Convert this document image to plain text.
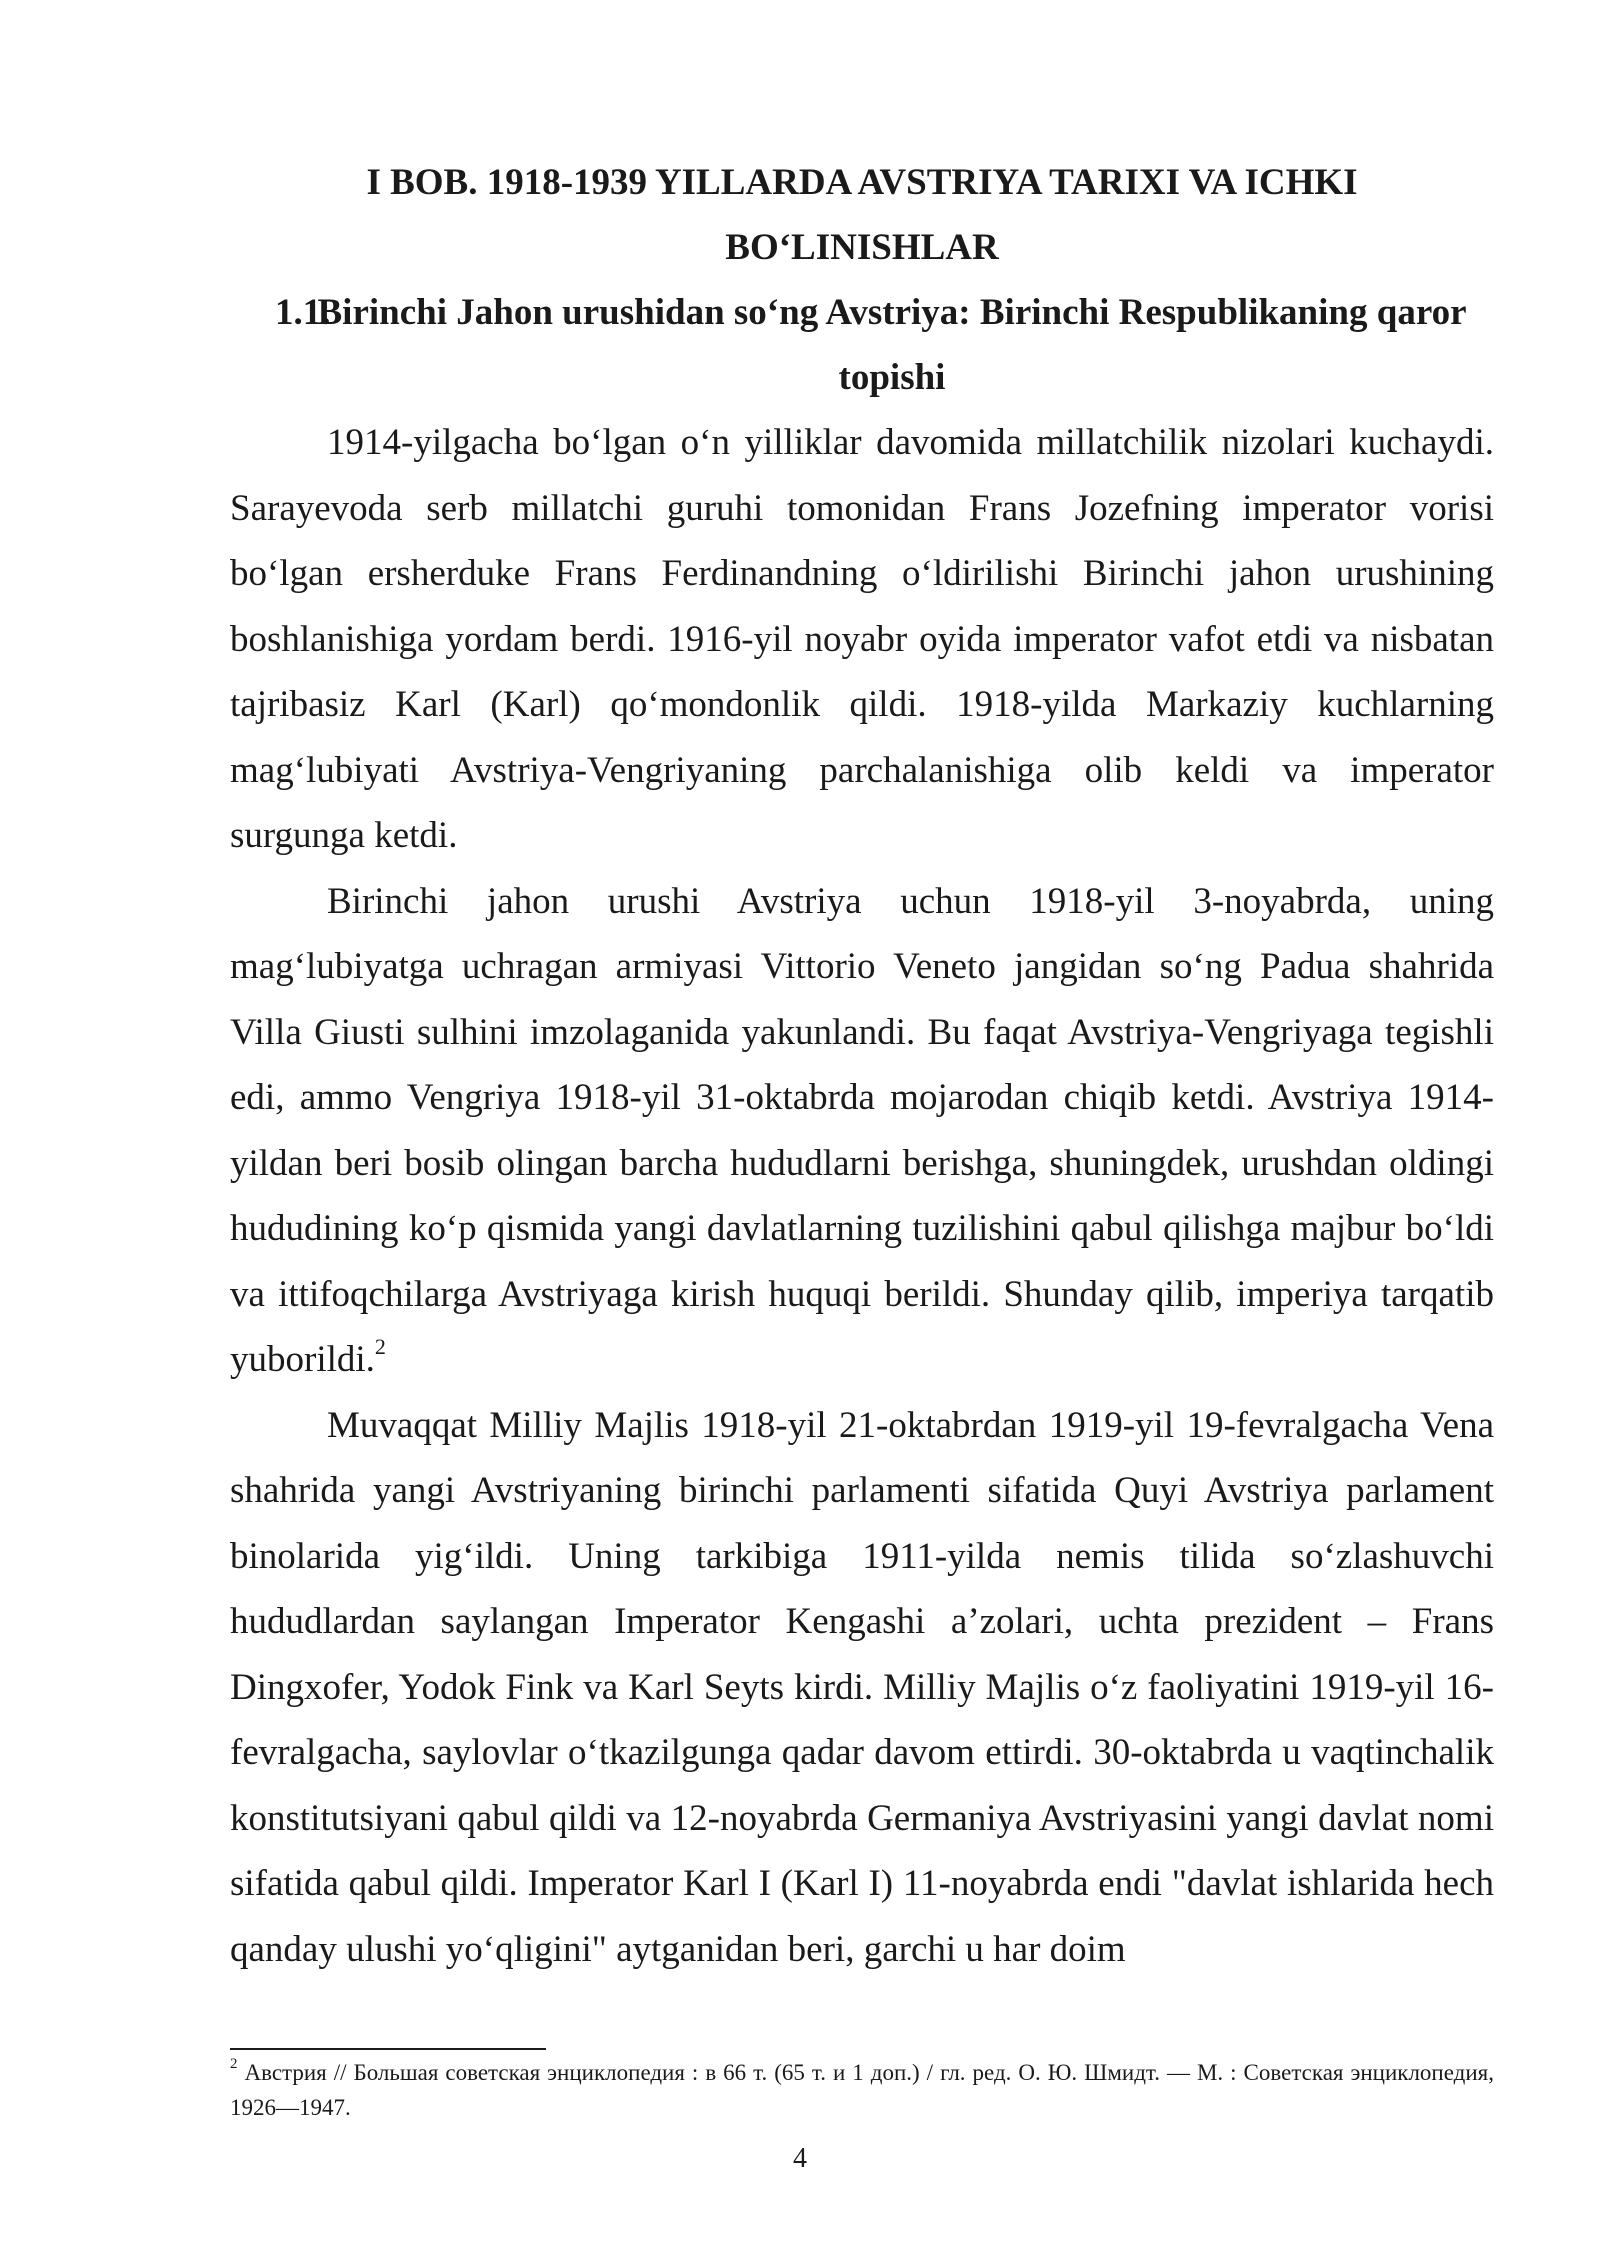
I BOB. 1918-1939 YILLARDA AVSTRIYA TARIXI VA ICHKI BO‘LINISHLAR
1.1.
Birinchi Jahon urushidan so‘ng Avstriya: Birinchi Respublikaning qaror topishi

1914-yilgacha bo‘lgan o‘n yilliklar davomida millatchilik nizolari kuchaydi. Sarayevoda serb millatchi guruhi tomonidan Frans Jozefning imperator vorisi bo‘lgan ersherduke Frans Ferdinandning o‘ldirilishi Birinchi jahon urushining boshlanishiga yordam berdi. 1916-yil noyabr oyida imperator vafot etdi va nisbatan tajribasiz Karl (Karl) qo‘mondonlik qildi. 1918-yilda Markaziy kuchlarning mag‘lubiyati Avstriya-Vengriyaning parchalanishiga olib keldi va imperator surgunga ketdi.

Birinchi jahon urushi Avstriya uchun 1918-yil 3-noyabrda, uning mag‘lubiyatga uchragan armiyasi Vittorio Veneto jangidan so‘ng Padua shahrida Villa Giusti sulhini imzolaganida yakunlandi. Bu faqat Avstriya-Vengriyaga tegishli edi, ammo Vengriya 1918-yil 31-oktabrda mojarodan chiqib ketdi. Avstriya 1914-yildan beri bosib olingan barcha hududlarni berishga, shuningdek, urushdan oldingi hududining ko‘p qismida yangi davlatlarning tuzilishini qabul qilishga majbur bo‘ldi va ittifoqchilarga Avstriyaga kirish huquqi berildi. Shunday qilib, imperiya tarqatib yuborildi.$^2$

Muvaqqat Milliy Majlis 1918-yil 21-oktabrdan 1919-yil 19-fevralgacha Vena shahrida yangi Avstriyaning birinchi parlamenti sifatida Quyi Avstriya parlament binolarida yig‘ildi. Uning tarkibiga 1911-yilda nemis tilida so‘zlashuvchi hududlardan saylangan Imperator Kengashi a’zolari, uchta prezident – Frans Dingxofer, Yodok Fink va Karl Seyts kirdi. Milliy Majlis o‘z faoliyatini 1919-yil 16-fevralgacha, saylovlar o‘tkazilgunga qadar davom ettirdi. 30-oktabrda u vaqtinchalik konstitutsiyani qabul qildi va 12-noyabrda Germaniya Avstriyasini yangi davlat nomi sifatida qabul qildi. Imperator Karl I (Karl I) 11-noyabrda endi "davlat ishlarida hech qanday ulushi yo‘qligini" aytganidan beri, garchi u har doim

$^2$ Австрия // Большая советская энциклопедия : в 66 т. (65 т. и 1 доп.) / гл. ред. О. Ю. Шмидт. — М. : Советская энциклопедия, 1926—1947.
4
